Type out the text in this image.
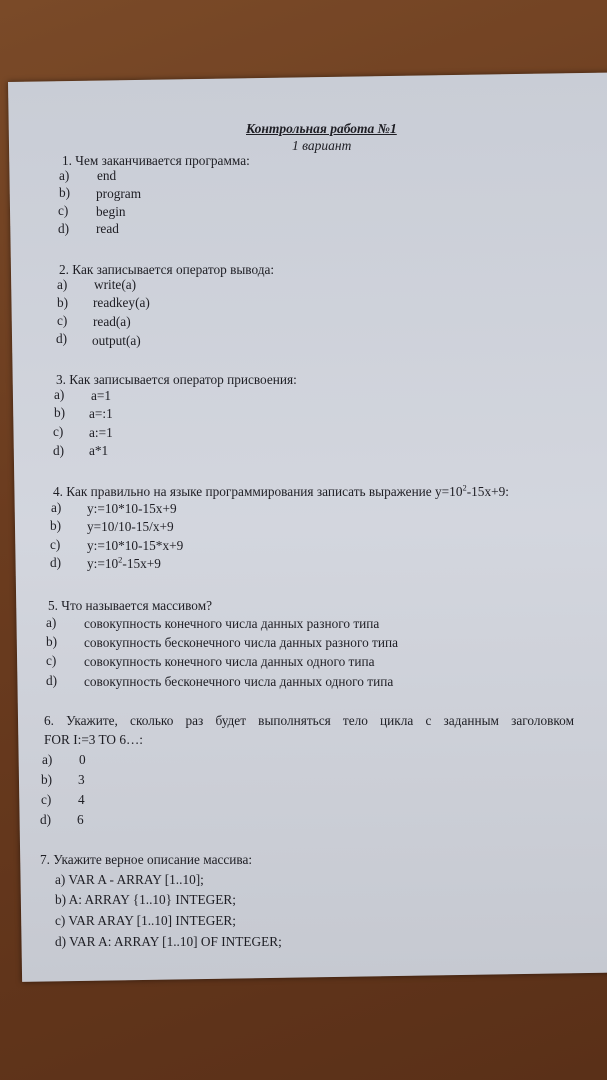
Контрольная работа №1
1 вариант
1. Чем заканчивается программа:
a) end
b) program
c) begin
d) read
2. Как записывается оператор вывода:
a) write(a)
b) readkey(a)
c) read(a)
d) output(a)
3. Как записывается оператор присвоения:
a) a=1
b) a=:1
c) a:=1
d) a*1
4. Как правильно на языке программирования записать выражение $y=10^2-15x+9$:
a) y:=10*10-15x+9
b) y=10/10-15/x+9
c) y:=10*10-15*x+9
d) $y:=10^2-15x+9$
5. Что называется массивом?
a) совокупность конечного числа данных разного типа
b) совокупность бесконечного числа данных разного типа
c) совокупность конечного числа данных одного типа
d) совокупность бесконечного числа данных одного типа
6. Укажите, сколько раз будет выполняться тело цикла с заданным заголовком
FOR I:=3 TO 6…:
a) 0
b) 3
c) 4
d) 6
7. Укажите верное описание массива:
a) VAR A - ARRAY [1..10];
b) A: ARRAY {1..10} INTEGER;
c) VAR ARAY [1..10] INTEGER;
d) VAR A: ARRAY [1..10] OF INTEGER;
